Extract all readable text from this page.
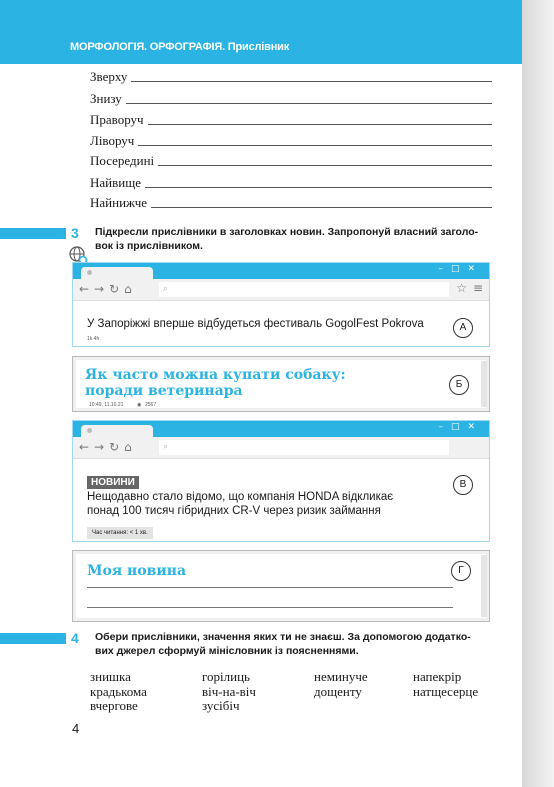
МОРФОЛОГІЯ. ОРФОГРАФІЯ. Прислівник
Зверху
Знизу
Праворуч
Ліворуч
Посередині
Найвище
Найнижче
3 Підкресли прислівники в заголовках новин. Запропонуй власний заголо-
вок із прислівником.
–□✕
←→↻⌂	⌕	☆ ≡
У Запоріжжі вперше відбудеться фестиваль GogolFest Pokrova
1k 4h
А
Як часто можна купати собаку:
поради ветеринара
10:49, 11.10.21	◉ 2567
Б
–□✕
←→↻⌂	⌕
НОВИНИ
Нещодавно стало відомо, що компанія HONDA відкликає
понад 100 тисяч гібридних CR-V через ризик займання
Час читання: < 1 хв.
В
Моя новина	Г
4 Обери прислівники, значення яких ти не знаєш. За допомогою додатко-
вих джерел сформуй мінісловник із поясненнями.
знишка	горілиць	неминуче	напекрір
крадькома	віч-на-віч	дощенту	натщесерце
вчергове	зусібіч
4
